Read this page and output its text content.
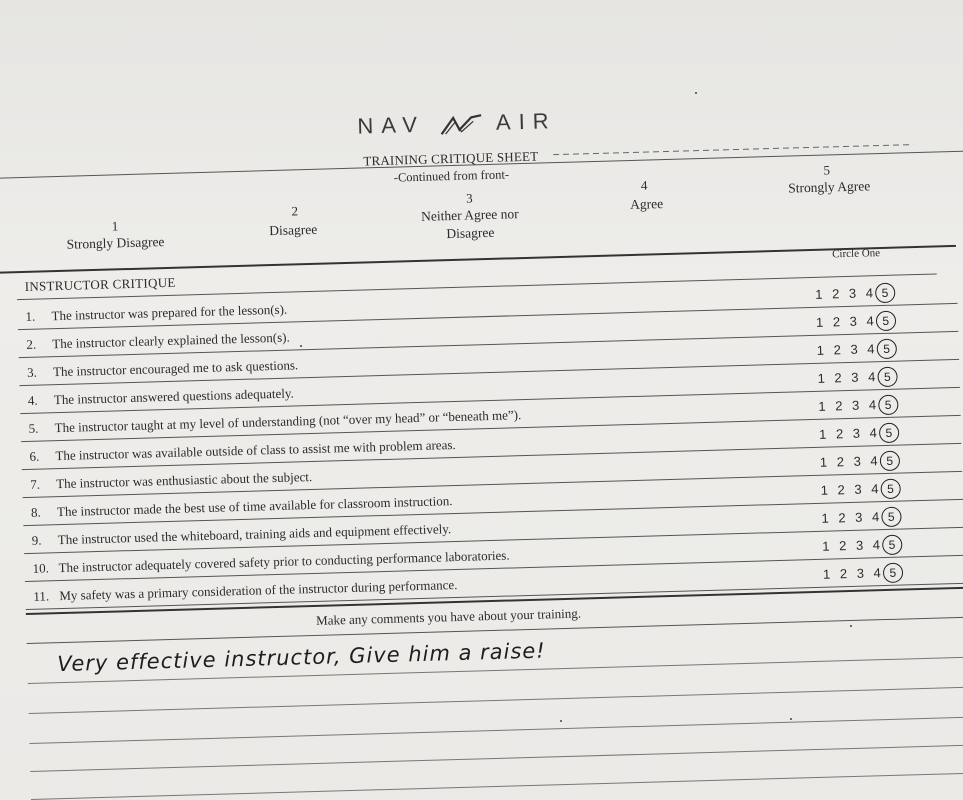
NAV	AIR
TRAINING CRITIQUE SHEET
-Continued from front-
1
Strongly Disagree
2
Disagree
3
Neither Agree nor Disagree
4
Agree
5
Strongly Agree
INSTRUCTOR CRITIQUE
Circle One
1. The instructor was prepared for the lesson(s).
1 2 3 4 5
2. The instructor clearly explained the lesson(s).
1 2 3 4 5
3. The instructor encouraged me to ask questions.
1 2 3 4 5
4. The instructor answered questions adequately.
1 2 3 4 5
5. The instructor taught at my level of understanding (not “over my head” or “beneath me”).
1 2 3 4 5
6. The instructor was available outside of class to assist me with problem areas.
1 2 3 4 5
7. The instructor was enthusiastic about the subject.
1 2 3 4 5
8. The instructor made the best use of time available for classroom instruction.
1 2 3 4 5
9. The instructor used the whiteboard, training aids and equipment effectively.
1 2 3 4 5
10. The instructor adequately covered safety prior to conducting performance laboratories.
1 2 3 4 5
11. My safety was a primary consideration of the instructor during performance.
1 2 3 4 5
Make any comments you have about your training.
Very effective instructor, Give him a raise!
